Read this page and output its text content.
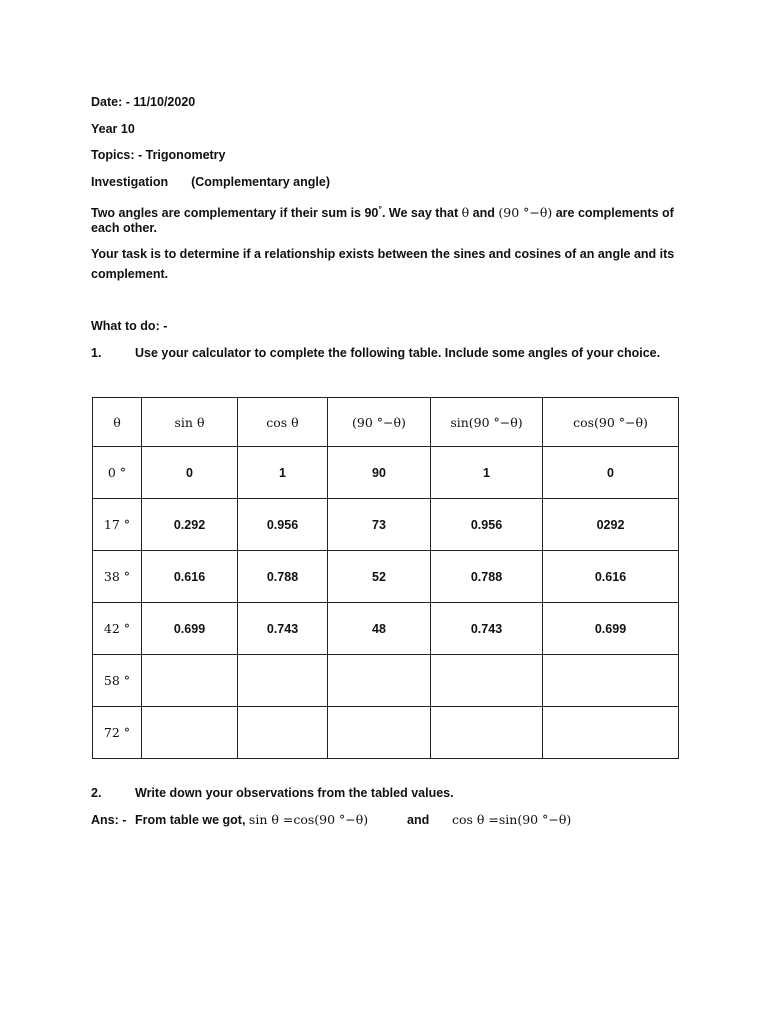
Date: - 11/10/2020
Year 10
Topics: - Trigonometry
Investigation (Complementary angle)
Two angles are complementary if their sum is 90°. We say that θ and (90 °−θ) are complements of
each other.
Your task is to determine if a relationship exists between the sines and cosines of an angle and its
complement.
What to do: -
1.	Use your calculator to complete the following table. Include some angles of your choice.
θ	sin θ	cos θ	(90 °−θ)	sin(90 °−θ)	cos(90 °−θ)
0 °	0	1	90	1	0
17 °	0.292	0.956	73	0.956	0292
38 °	0.616	0.788	52	0.788	0.616
42 °	0.699	0.743	48	0.743	0.699
58 °					
72 °					
2.	Write down your observations from the tabled values.
Ans: - From table we got, sin θ =cos(90 °−θ)	and cos θ =sin(90 °−θ)
